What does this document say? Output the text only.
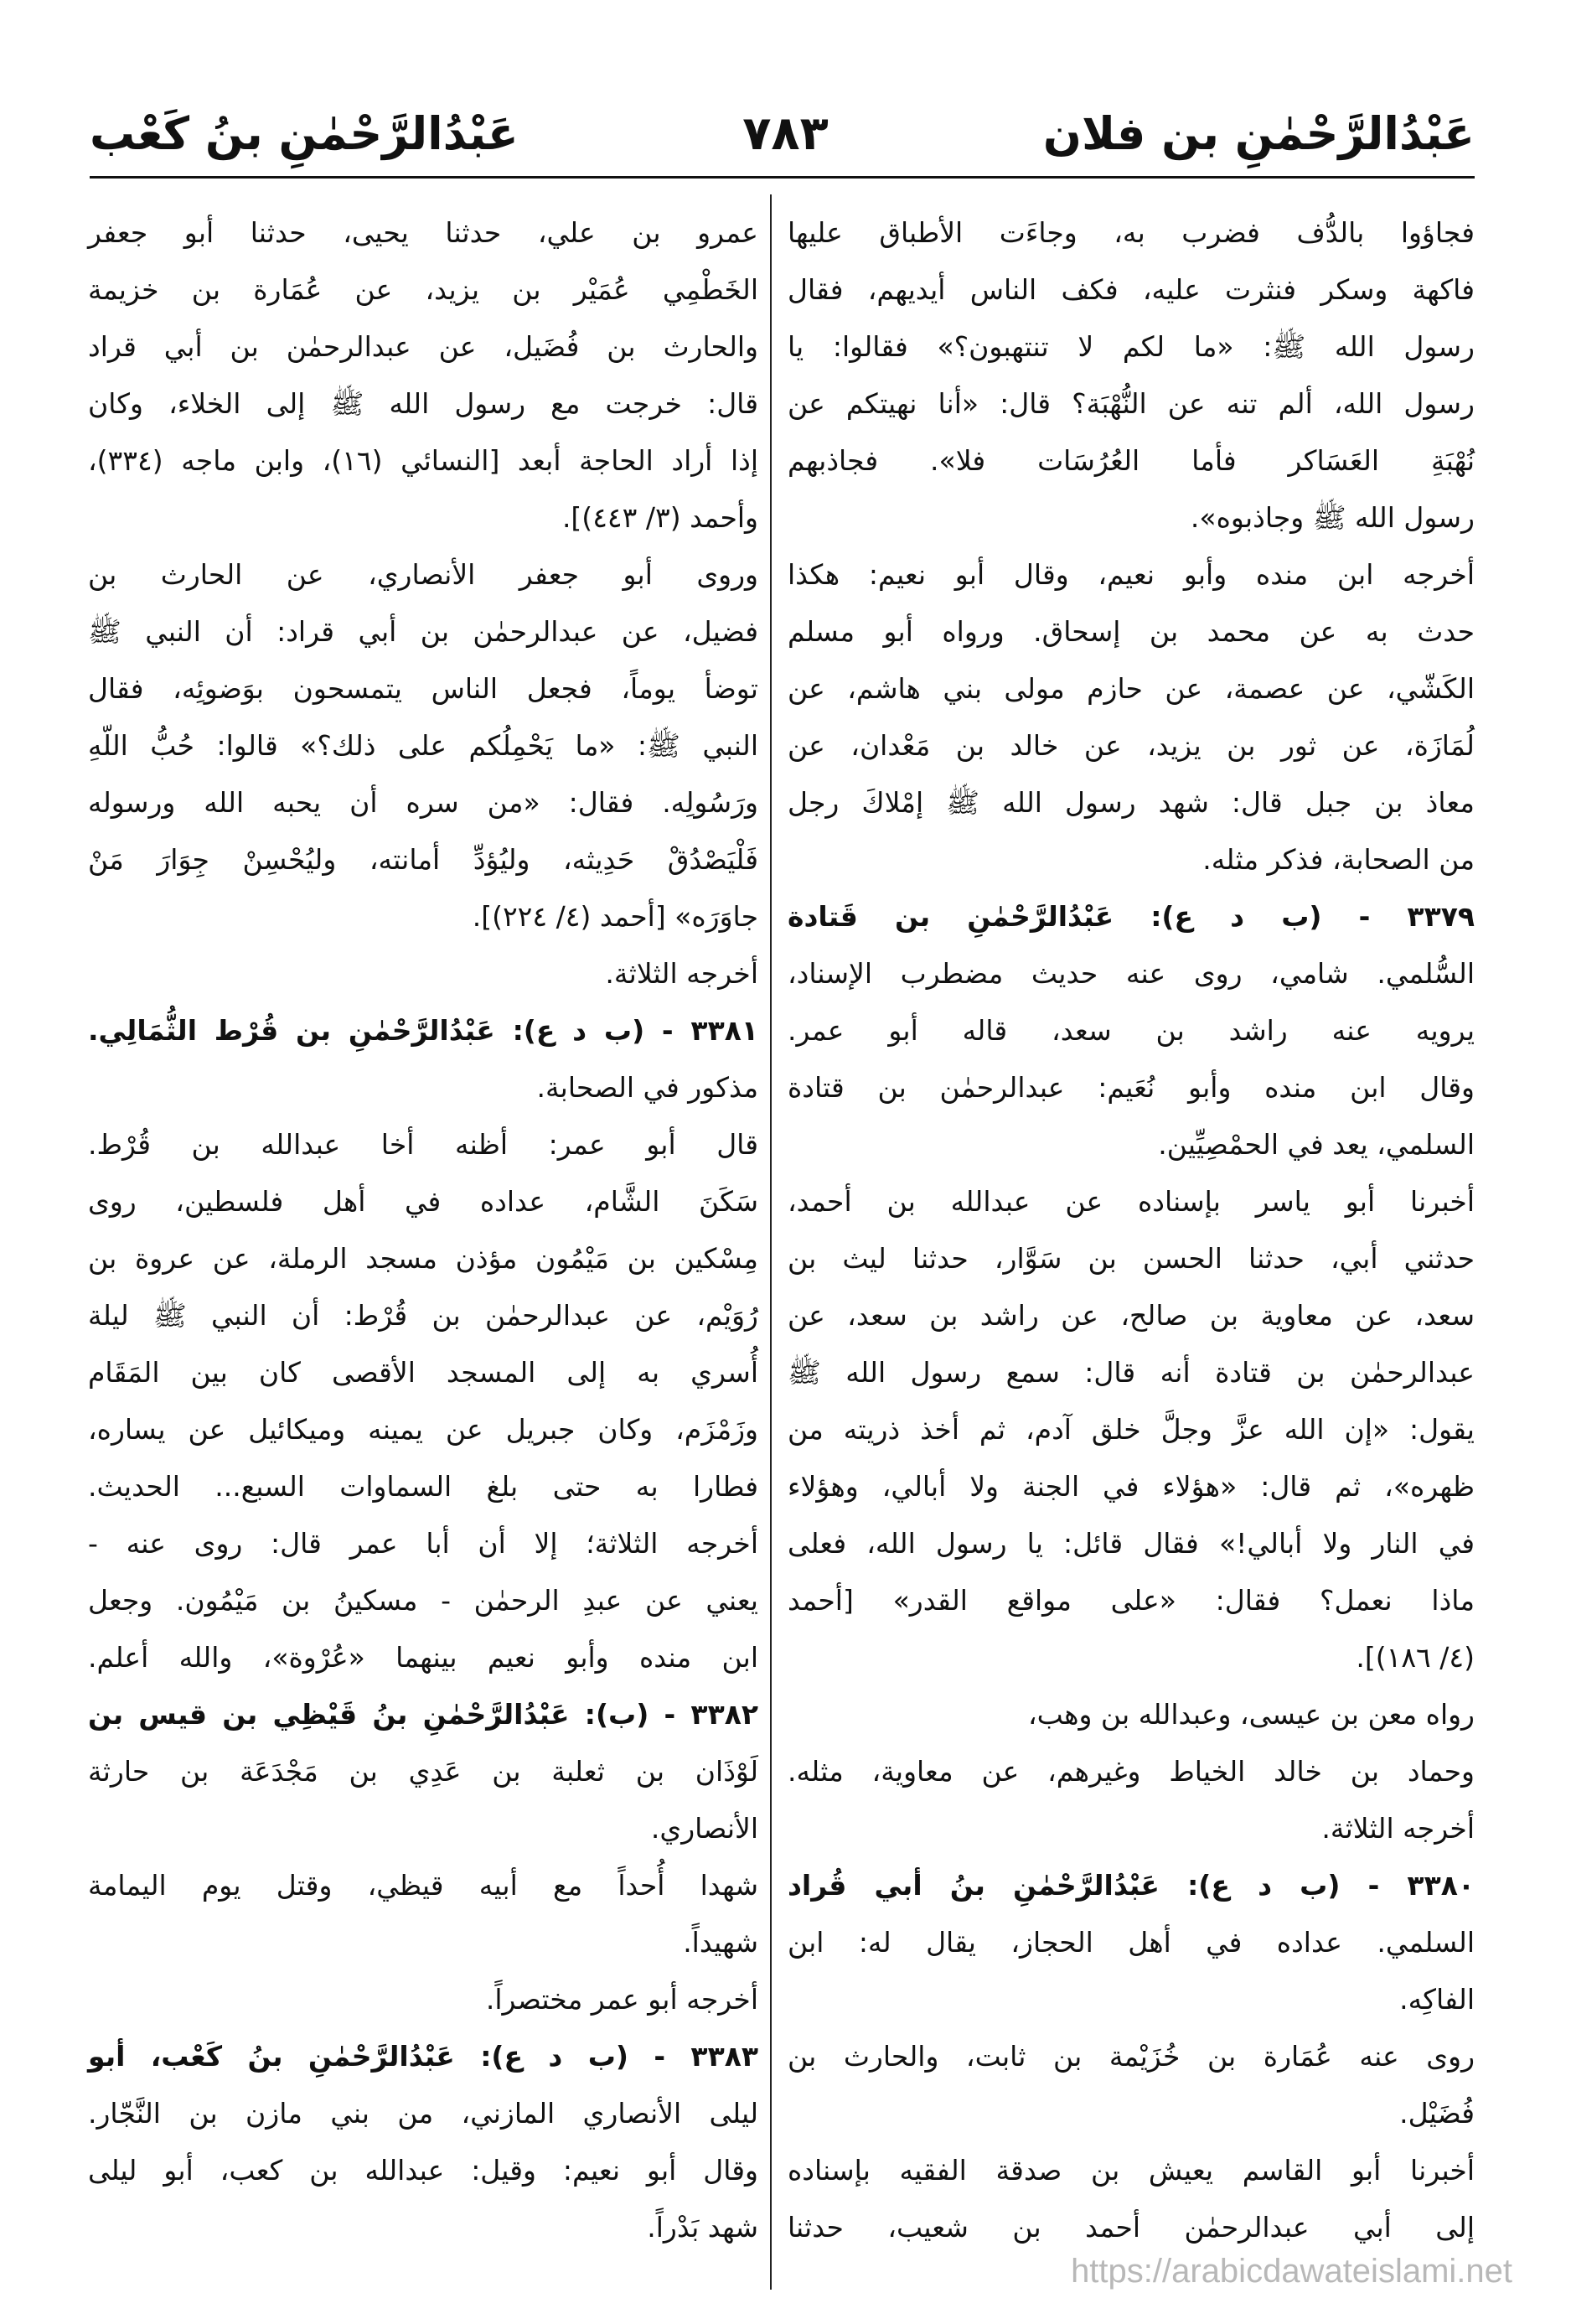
عَبْدُالرَّحْمٰنِ بن فلان
٧٨٣
عَبْدُالرَّحْمٰنِ بنُ كَعْب
فجاؤوا بالدُّف فضرب به، وجاءَت الأطباق عليها
فاكهة وسكر فنثرت عليه، فكف الناس أيديهم، فقال
رسول الله ﷺ: «ما لكم لا تنتهبون؟» فقالوا: يا
رسول الله، ألم تنه عن النُّهْبَة؟ قال: «أنا نهيتكم عن
نُهْبَةِ العَسَاكر فأما العُرُسَات فلا». فجاذبهم
رسول الله ﷺ وجاذبوه».
أخرجه ابن منده وأبو نعيم، وقال أبو نعيم: هكذا
حدث به عن محمد بن إسحاق. ورواه أبو مسلم
الكَشّي، عن عصمة، عن حازم مولى بني هاشم، عن
لُمَازَة، عن ثور بن يزيد، عن خالد بن مَعْدان، عن
معاذ بن جبل قال: شهد رسول الله ﷺ إمْلاكَ رجل
من الصحابة، فذكر مثله.
٣٣٧٩ - (ب د ع): عَبْدُالرَّحْمٰنِ بن قَتادة
السُّلمي. شامي، روى عنه حديث مضطرب الإسناد،
يرويه عنه راشد بن سعد، قاله أبو عمر.
وقال ابن منده وأبو نُعَيم: عبدالرحمٰن بن قتادة
السلمي، يعد في الحمْصِيِّين.
أخبرنا أبو ياسر بإسناده عن عبدالله بن أحمد،
حدثني أبي، حدثنا الحسن بن سَوَّار، حدثنا ليث بن
سعد، عن معاوية بن صالح، عن راشد بن سعد، عن
عبدالرحمٰن بن قتادة أنه قال: سمع رسول الله ﷺ
يقول: «إن الله عزَّ وجلَّ خلق آدم، ثم أخذ ذريته من
ظهره»، ثم قال: «هؤلاء في الجنة ولا أبالي، وهؤلاء
في النار ولا أبالي!» فقال قائل: يا رسول الله، فعلى
ماذا نعمل؟ فقال: «على مواقع القدر» [أحمد
(٤/ ١٨٦)].
رواه معن بن عيسى، وعبدالله بن وهب،
وحماد بن خالد الخياط وغيرهم، عن معاوية، مثله.
أخرجه الثلاثة.
٣٣٨٠ - (ب د ع): عَبْدُالرَّحْمٰنِ بنُ أبي قُراد
السلمي. عداده في أهل الحجاز، يقال له: ابن
الفاكِه.
روى عنه عُمَارة بن خُزَيْمة بن ثابت، والحارث بن
فُضَيْل.
أخبرنا أبو القاسم يعيش بن صدقة الفقيه بإسناده
إلى أبي عبدالرحمٰن أحمد بن شعيب، حدثنا
عمرو بن علي، حدثنا يحيى، حدثنا أبو جعفر
الخَطْمِي عُمَيْر بن يزيد، عن عُمَارة بن خزيمة
والحارث بن فُضَيل، عن عبدالرحمٰن بن أبي قراد
قال: خرجت مع رسول الله ﷺ إلى الخلاء، وكان
إذا أراد الحاجة أبعد [النسائي (١٦)، وابن ماجه (٣٣٤)،
وأحمد (٣/ ٤٤٣)].
وروى أبو جعفر الأنصاري، عن الحارث بن
فضيل، عن عبدالرحمٰن بن أبي قراد: أن النبي ﷺ
توضأ يوماً، فجعل الناس يتمسحون بوَضوئِه، فقال
النبي ﷺ: «ما يَحْمِلُكم على ذلك؟» قالوا: حُبُّ اللّهِ
ورَسُولِه. فقال: «من سره أن يحبه الله ورسوله
فَلْيَصْدُقْ حَدِيثه، وليُؤدِّ أمانته، وليُحْسِنْ جِوَارَ مَنْ
جاوَرَه» [أحمد (٤/ ٢٢٤)].
أخرجه الثلاثة.
٣٣٨١ - (ب د ع): عَبْدُالرَّحْمٰنِ بن قُرْط الثُّمَالِي.
مذكور في الصحابة.
قال أبو عمر: أظنه أخا عبدالله بن قُرْط.
سَكَنَ الشَّام، عداده في أهل فلسطين، روى
مِسْكين بن مَيْمُون مؤذن مسجد الرملة، عن عروة بن
رُوَيْم، عن عبدالرحمٰن بن قُرْط: أن النبي ﷺ ليلة
أُسري به إلى المسجد الأقصى كان بين المَقَام
وزَمْزَم، وكان جبريل عن يمينه وميكائيل عن يساره،
فطارا به حتى بلغ السماوات السبع... الحديث.
أخرجه الثلاثة؛ إلا أن أبا عمر قال: روى عنه -
يعني عن عبدِ الرحمٰن - مسكينُ بن مَيْمُون. وجعل
ابن منده وأبو نعيم بينهما «عُرْوة»، والله أعلم.
٣٣٨٢ - (ب): عَبْدُالرَّحْمٰنِ بنُ قَيْظِي بن قيس بن
لَوْذَان بن ثعلبة بن عَدِي بن مَجْدَعَة بن حارثة
الأنصاري.
شهدا أُحداً مع أبيه قيظي، وقتل يوم اليمامة
شهيداً.
أخرجه أبو عمر مختصراً.
٣٣٨٣ - (ب د ع): عَبْدُالرَّحْمٰنِ بنُ كَعْب، أبو
ليلى الأنصاري المازني، من بني مازن بن النَّجّار.
وقال أبو نعيم: وقيل: عبدالله بن كعب، أبو ليلى
شهد بَدْراً.
https://arabicdawateislami.net
